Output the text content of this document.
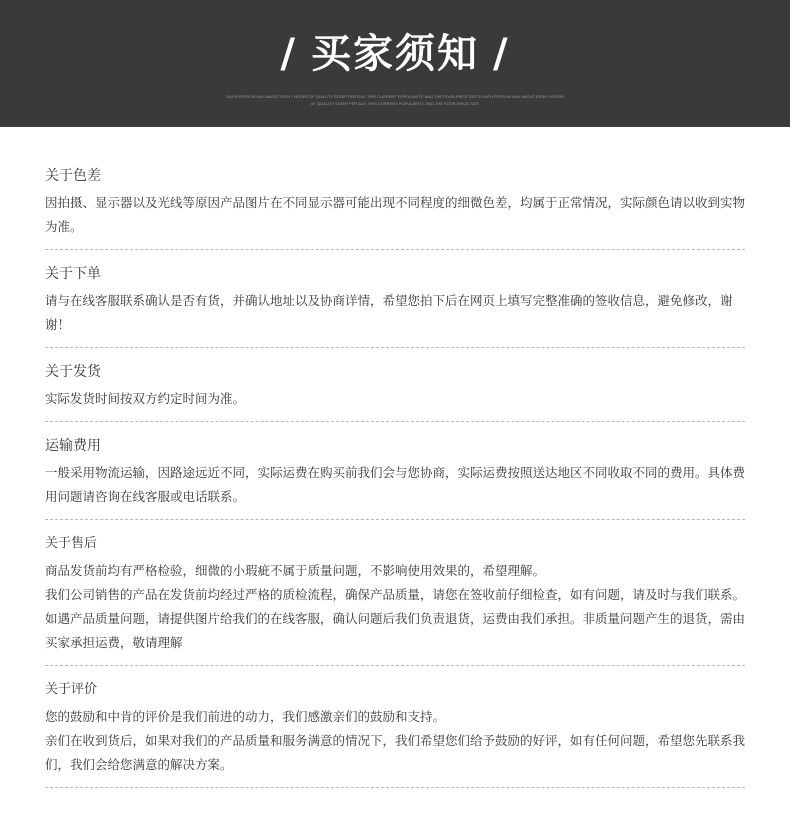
/ 买家须知 /
EACH PERSON HAS ABOUT EIGHT HOURS OF QUALITY SLEEP PER DAY, THIS CURRENT POPULARITY, AND THE FOUR-PIECE SUITS EACH PERSON HAS ABOUT EIGHT HOURS
OF QUALITY SLEEP PER DAY, THIS CURRENT POPULARITY, AND THE FOUR-PIECE SUIT.
关于色差

因拍摄、显示器以及光线等原因产品图片在不同显示器可能出现不同程度的细微色差，均属于正常情况，实际颜色请以收到实物为准。

关于下单

请与在线客服联系确认是否有货，并确认地址以及协商详情，希望您拍下后在网页上填写完整准确的签收信息，避免修改，谢谢！

关于发货

实际发货时间按双方约定时间为准。

运输费用

一般采用物流运输，因路途远近不同，实际运费在购买前我们会与您协商，实际运费按照送达地区不同收取不同的费用。具体费用问题请咨询在线客服或电话联系。

关于售后

商品发货前均有严格检验，细微的小瑕疵不属于质量问题，不影响使用效果的，希望理解。

我们公司销售的产品在发货前均经过严格的质检流程，确保产品质量，请您在签收前仔细检查，如有问题，请及时与我们联系。

如遇产品质量问题，请提供图片给我们的在线客服，确认问题后我们负责退货，运费由我们承担。非质量问题产生的退货，需由买家承担运费，敬请理解

关于评价

您的鼓励和中肯的评价是我们前进的动力，我们感激亲们的鼓励和支持。

亲们在收到货后，如果对我们的产品质量和服务满意的情况下，我们希望您们给予鼓励的好评，如有任何问题，希望您先联系我们，我们会给您满意的解决方案。
